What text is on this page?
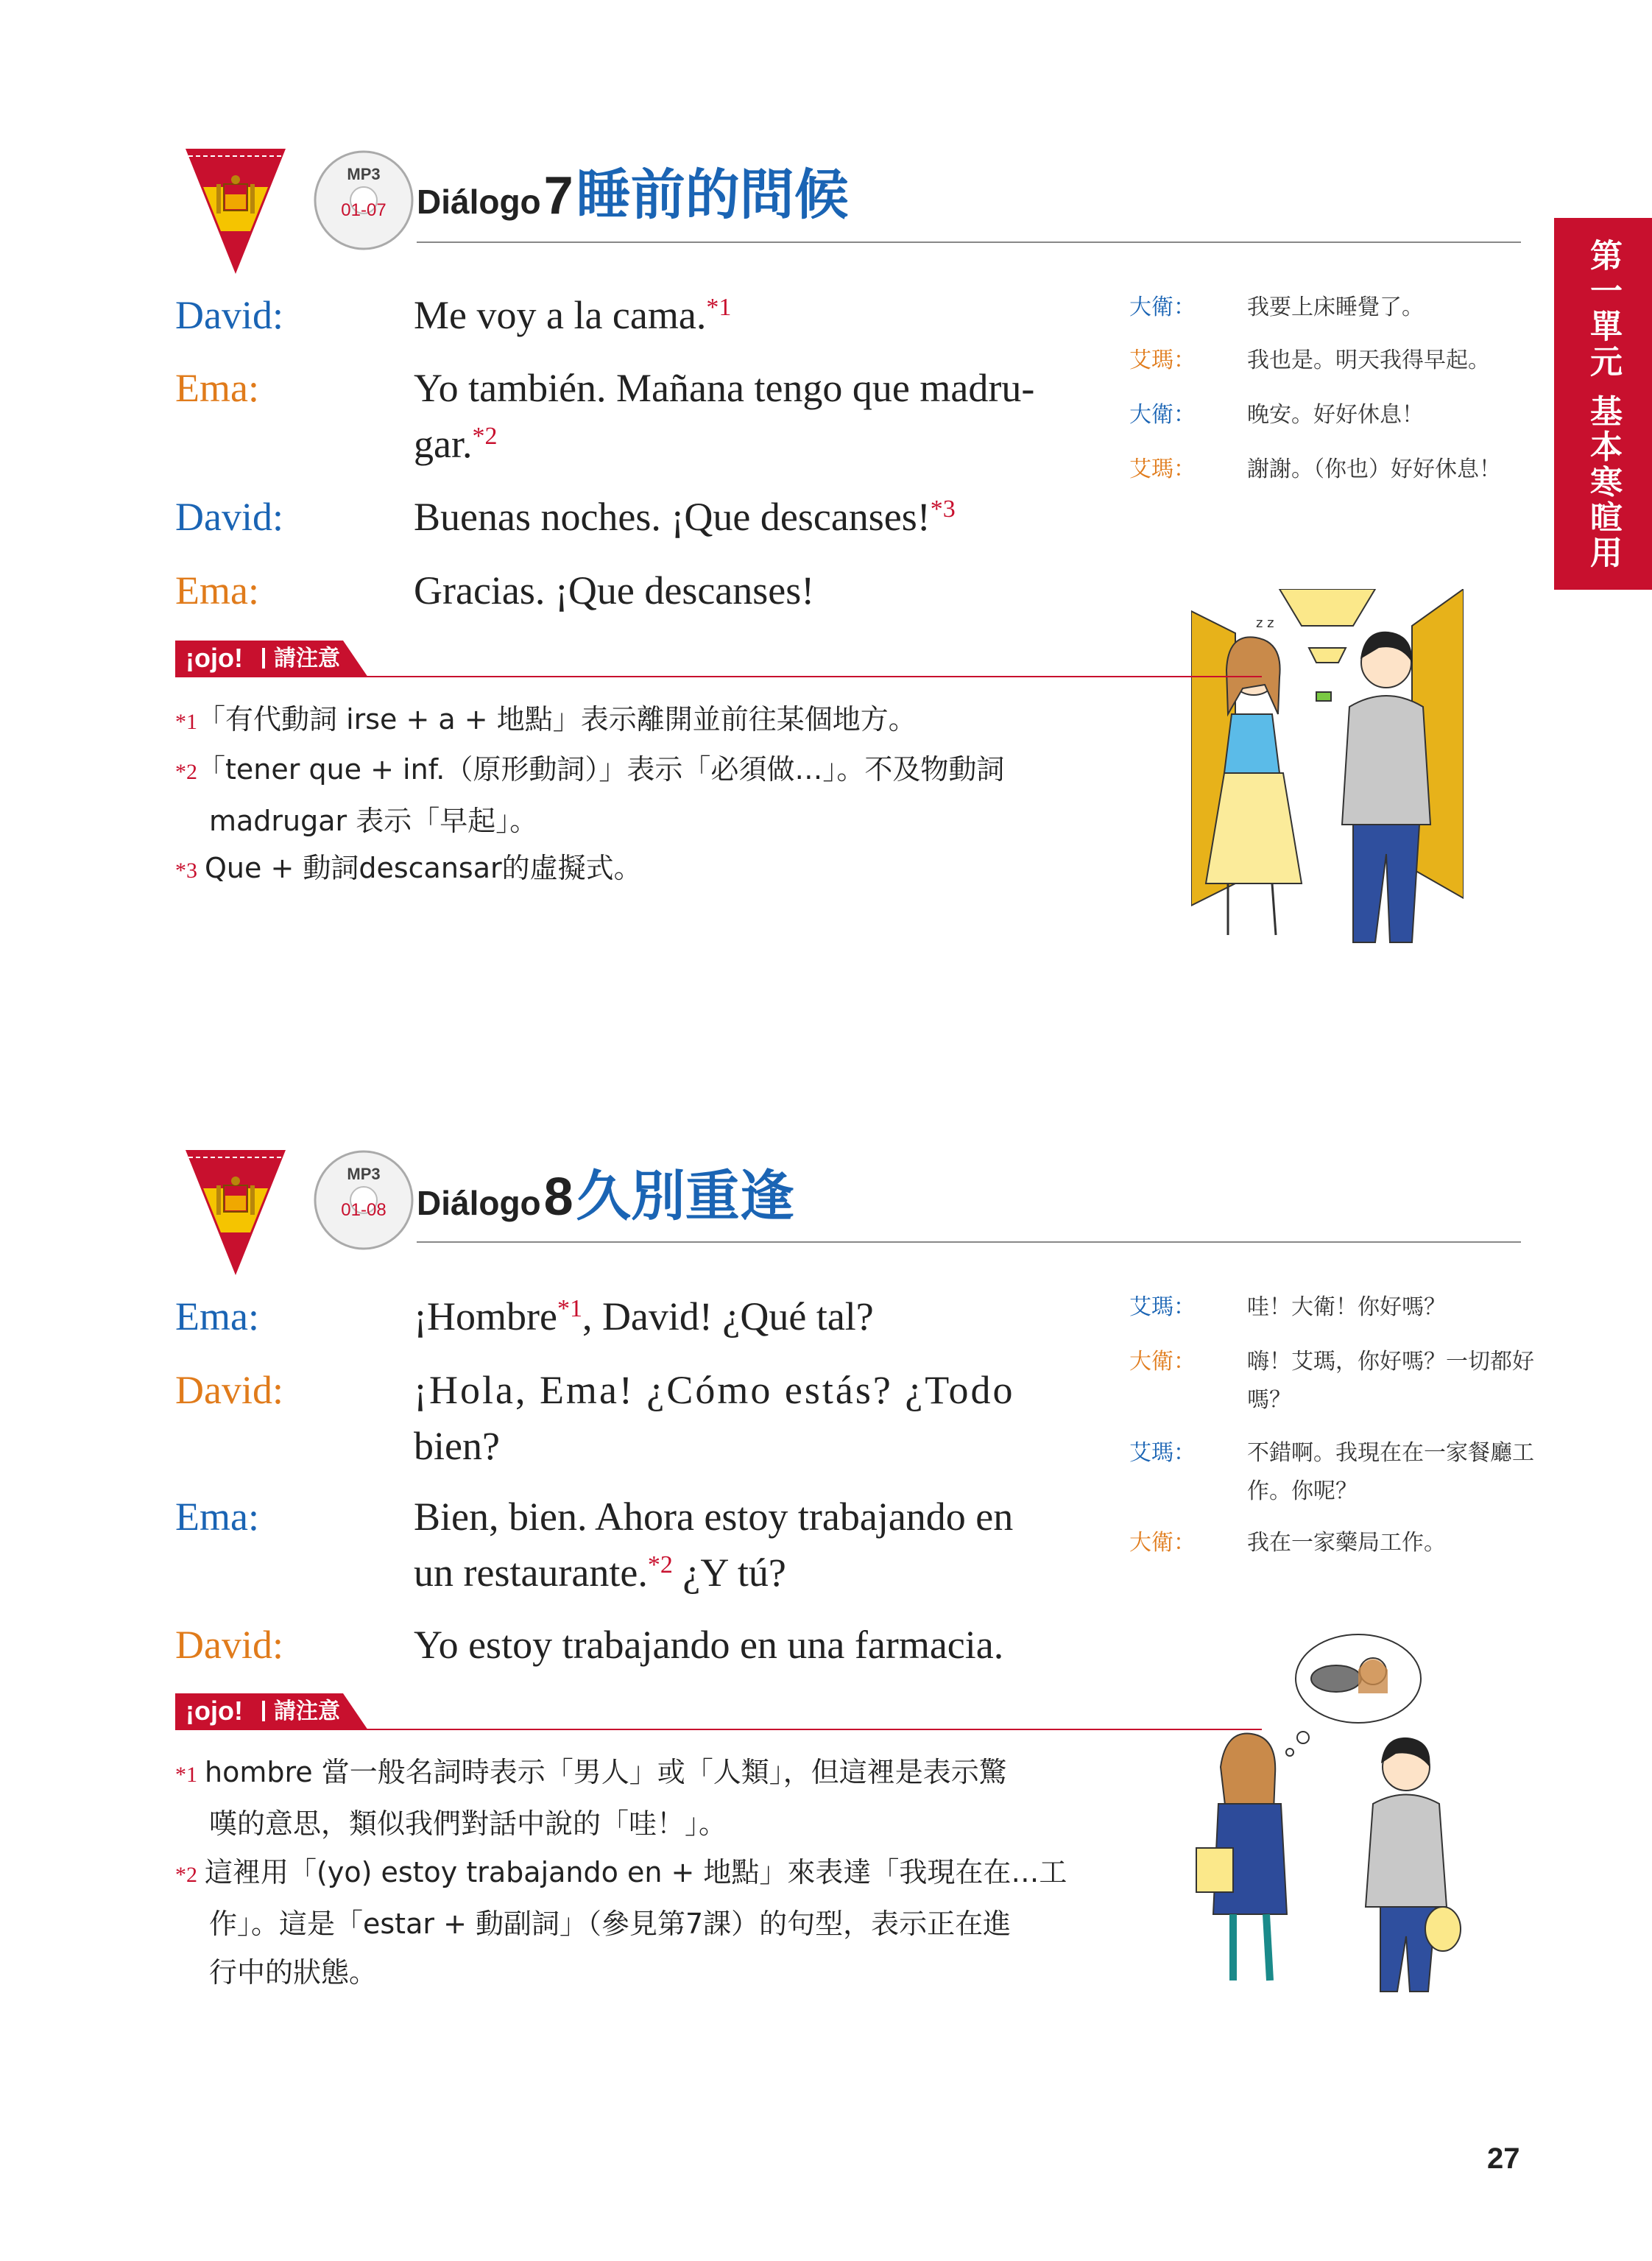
第一單元 基本寒暄用語
MP3
01-07 Diálogo 7 睡前的問候
David:	Me voy a la cama.$^{*1}$
Ema:	Yo también. Mañana tengo que madru-
gar.$^{*2}$
David:	Buenas noches. ¡Que descanses!$^{*3}$
Ema:	Gracias. ¡Que descanses!
大衛： 我要上床睡覺了。
艾瑪： 我也是。明天我得早起。
大衛： 晚安。好好休息！
艾瑪： 謝謝。（你也）好好休息！
z z
¡ojo! 請注意
*1「有代動詞 irse + a + 地點」表示離開並前往某個地方。
*2「tener que + inf.（原形動詞）」表示「必須做…」。不及物動詞
madrugar 表示「早起」。
*3 Que + 動詞descansar的虛擬式。
MP3
01-08 Diálogo 8 久別重逢
Ema:	¡Hombre$^{*1}$, David! ¿Qué tal?
David:	¡Hola, Ema! ¿Cómo estás? ¿Todo
bien?
Ema:	Bien, bien. Ahora estoy trabajando en
un restaurante.$^{*2}$ ¿Y tú?
David:	Yo estoy trabajando en una farmacia.
艾瑪： 哇！大衛！你好嗎？
大衛： 嗨！艾瑪，你好嗎？一切都好嗎？
艾瑪： 不錯啊。我現在在一家餐廳工作。你呢？
大衛： 我在一家藥局工作。
¡ojo! 請注意
*1 hombre 當一般名詞時表示「男人」或「人類」，但這裡是表示驚
嘆的意思，類似我們對話中說的「哇！」。
*2 這裡用「(yo) estoy trabajando en + 地點」來表達「我現在在…工
作」。這是「estar + 動副詞」（參見第7課）的句型，表示正在進
行中的狀態。
27
